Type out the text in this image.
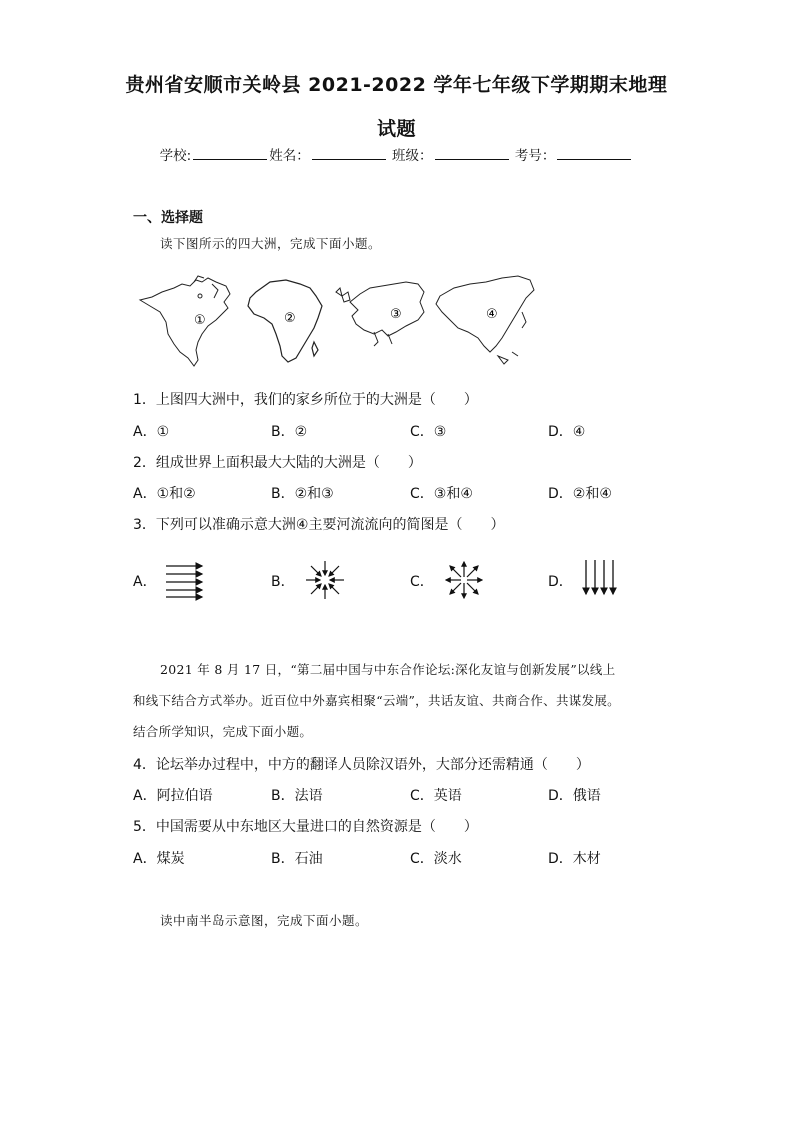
贵州省安顺市关岭县 2021-2022 学年七年级下学期期末地理
试题
学校:	姓名：	班级：	考号：
一、选择题
读下图所示的四大洲，完成下面小题。
①	②	③	④
1．上图四大洲中，我们的家乡所位于的大洲是（　　）
A．①	B．②	C．③	D．④
2．组成世界上面积最大大陆的大洲是（　　）
A．①和②	B．②和③	C．③和④	D．②和④
3．下列可以准确示意大洲④主要河流流向的简图是（　　）
A．	B．	C．	D．
2021 年 8 月 17 日，“第二届中国与中东合作论坛:深化友谊与创新发展”以线上
和线下结合方式举办。近百位中外嘉宾相聚“云端”，共话友谊、共商合作、共谋发展。
结合所学知识，完成下面小题。
4．论坛举办过程中，中方的翻译人员除汉语外，大部分还需精通（　　）
A．阿拉伯语	B．法语	C．英语	D．俄语
5．中国需要从中东地区大量进口的自然资源是（　　）
A．煤炭	B．石油	C．淡水	D．木材
读中南半岛示意图，完成下面小题。
